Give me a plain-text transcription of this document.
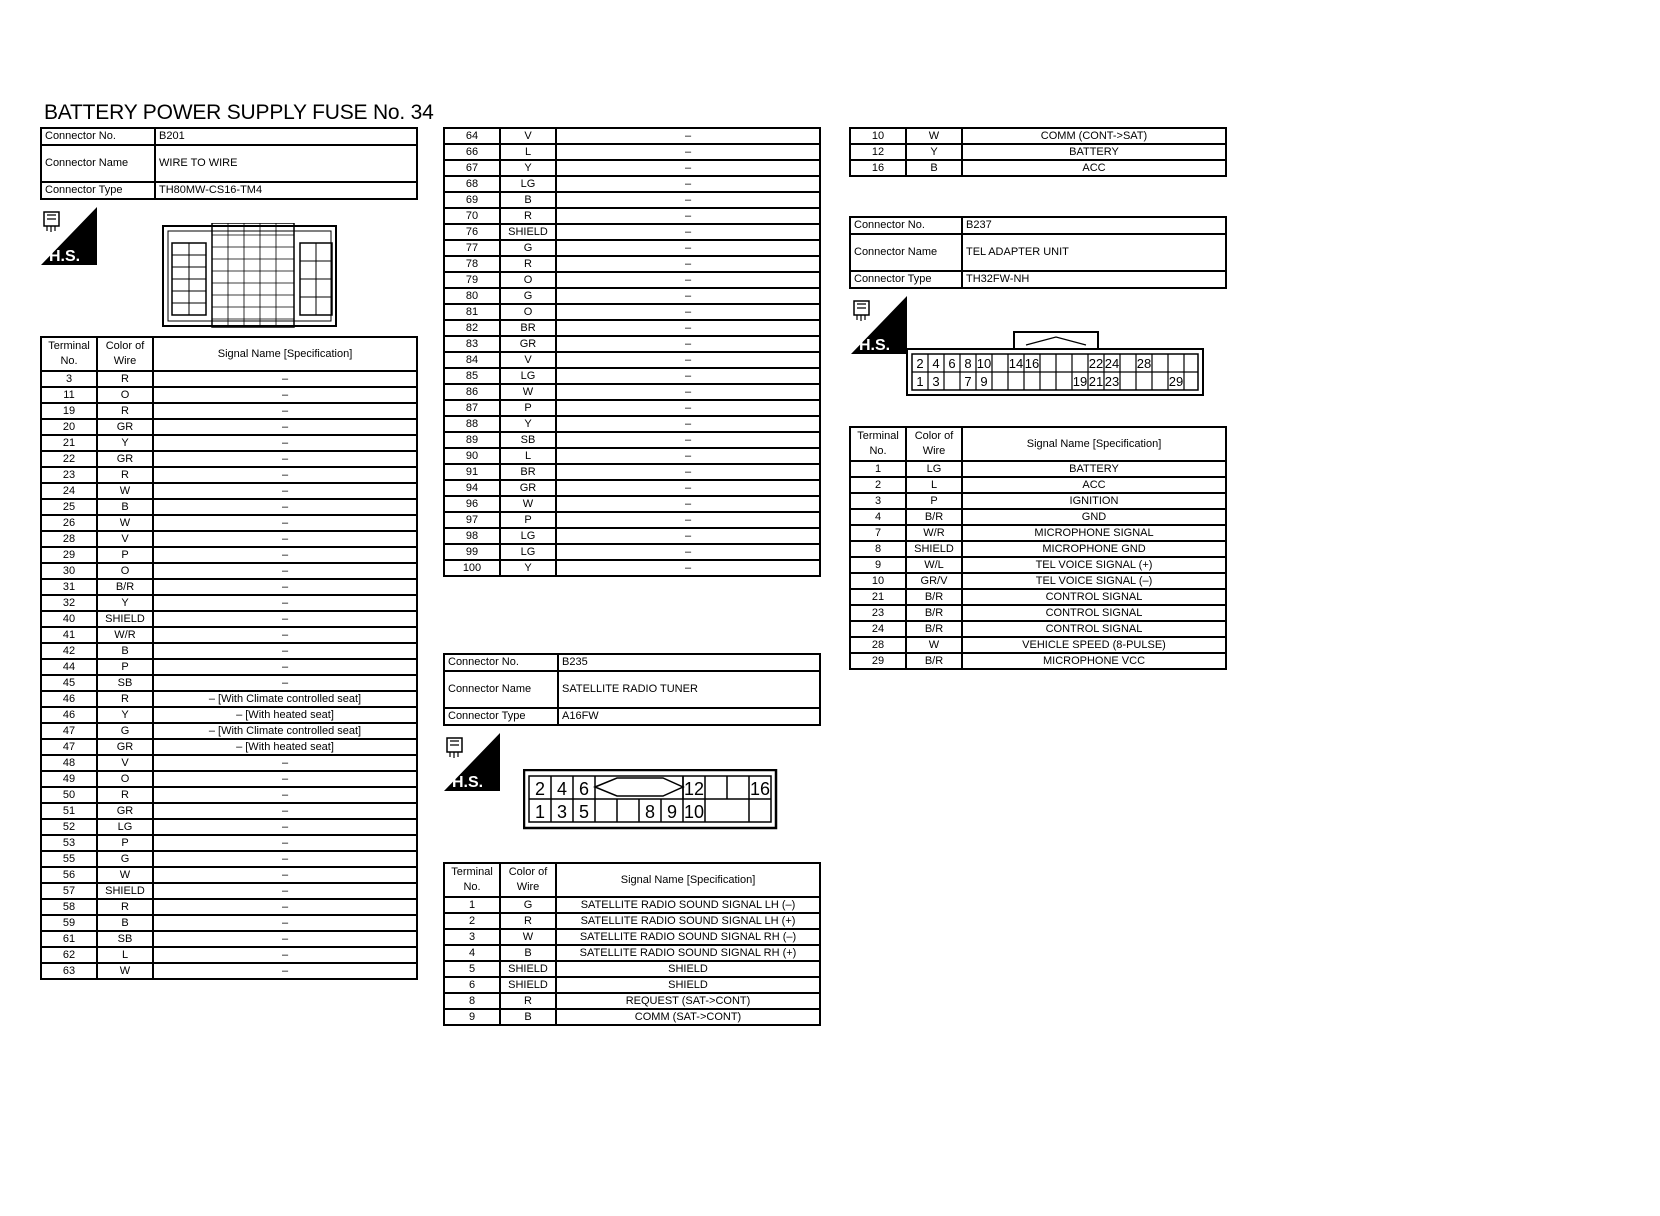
BATTERY POWER SUPPLY FUSE No. 34
Connector No.	B201
Connector Name	WIRE TO WIRE
Connector Type	TH80MW-CS16-TM4
H.S.
Terminal No.	Color of Wire	Signal Name [Specification]
3	R	–
11	O	–
19	R	–
20	GR	–
21	Y	–
22	GR	–
23	R	–
24	W	–
25	B	–
26	W	–
28	V	–
29	P	–
30	O	–
31	B/R	–
32	Y	–
40	SHIELD	–
41	W/R	–
42	B	–
44	P	–
45	SB	–
46	R	– [With Climate controlled seat]
46	Y	– [With heated seat]
47	G	– [With Climate controlled seat]
47	GR	– [With heated seat]
48	V	–
49	O	–
50	R	–
51	GR	–
52	LG	–
53	P	–
55	G	–
56	W	–
57	SHIELD	–
58	R	–
59	B	–
61	SB	–
62	L	–
63	W	–
64	V	–
66	L	–
67	Y	–
68	LG	–
69	B	–
70	R	–
76	SHIELD	–
77	G	–
78	R	–
79	O	–
80	G	–
81	O	–
82	BR	–
83	GR	–
84	V	–
85	LG	–
86	W	–
87	P	–
88	Y	–
89	SB	–
90	L	–
91	BR	–
94	GR	–
96	W	–
97	P	–
98	LG	–
99	LG	–
100	Y	–
Connector No.	B235
Connector Name	SATELLITE RADIO TUNER
Connector Type	A16FW
H.S.	2 4 6	12	16
1 3 5	8 9 10
Terminal No.	Color of Wire	Signal Name [Specification]
1	G	SATELLITE RADIO SOUND SIGNAL LH (–)
2	R	SATELLITE RADIO SOUND SIGNAL LH (+)
3	W	SATELLITE RADIO SOUND SIGNAL RH (–)
4	B	SATELLITE RADIO SOUND SIGNAL RH (+)
5	SHIELD	SHIELD
6	SHIELD	SHIELD
8	R	REQUEST (SAT->CONT)
9	B	COMM (SAT->CONT)
10	W	COMM (CONT->SAT)
12	Y	BATTERY
16	B	ACC
Connector No.	B237
Connector Name	TEL ADAPTER UNIT
Connector Type	TH32FW-NH
H.S.
2 4 6 8 10 14 16	22 24 28
1 3 7 9	19 21 23	29
Terminal No.	Color of Wire	Signal Name [Specification]
1	LG	BATTERY
2	L	ACC
3	P	IGNITION
4	B/R	GND
7	W/R	MICROPHONE SIGNAL
8	SHIELD	MICROPHONE GND
9	W/L	TEL VOICE SIGNAL (+)
10	GR/V	TEL VOICE SIGNAL (–)
21	B/R	CONTROL SIGNAL
23	B/R	CONTROL SIGNAL
24	B/R	CONTROL SIGNAL
28	W	VEHICLE SPEED (8-PULSE)
29	B/R	MICROPHONE VCC
